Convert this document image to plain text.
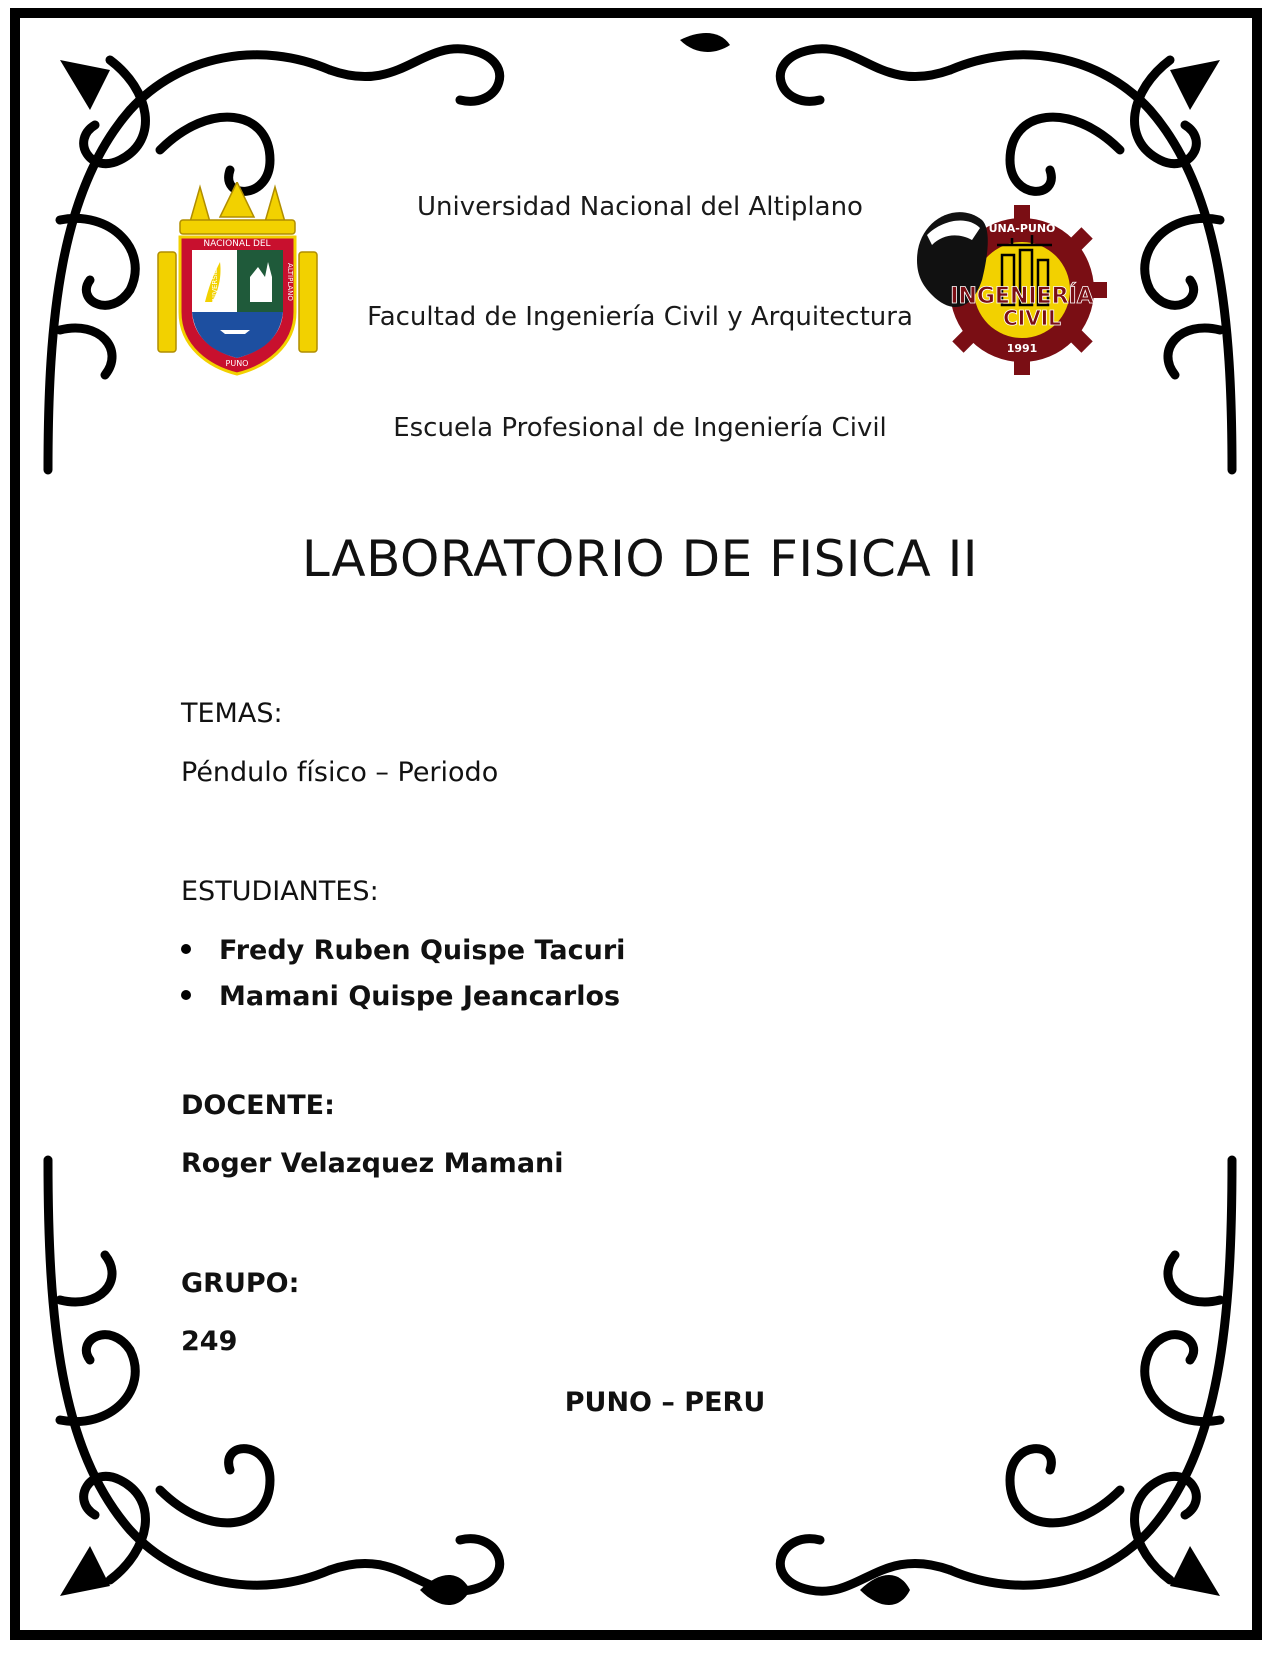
NACIONAL DEL
UNIVERSIDAD	ALTIPLANO
PUNO
UNA-PUNO
INGENIERÍA
CIVIL
1991
Universidad Nacional del Altiplano
Facultad de Ingeniería Civil y Arquitectura
Escuela Profesional de Ingeniería Civil
LABORATORIO DE FISICA II
TEMAS:
Péndulo físico – Periodo
ESTUDIANTES:
Fredy Ruben Quispe Tacuri
Mamani Quispe Jeancarlos
DOCENTE:
Roger Velazquez Mamani
GRUPO:
249
PUNO – PERU
